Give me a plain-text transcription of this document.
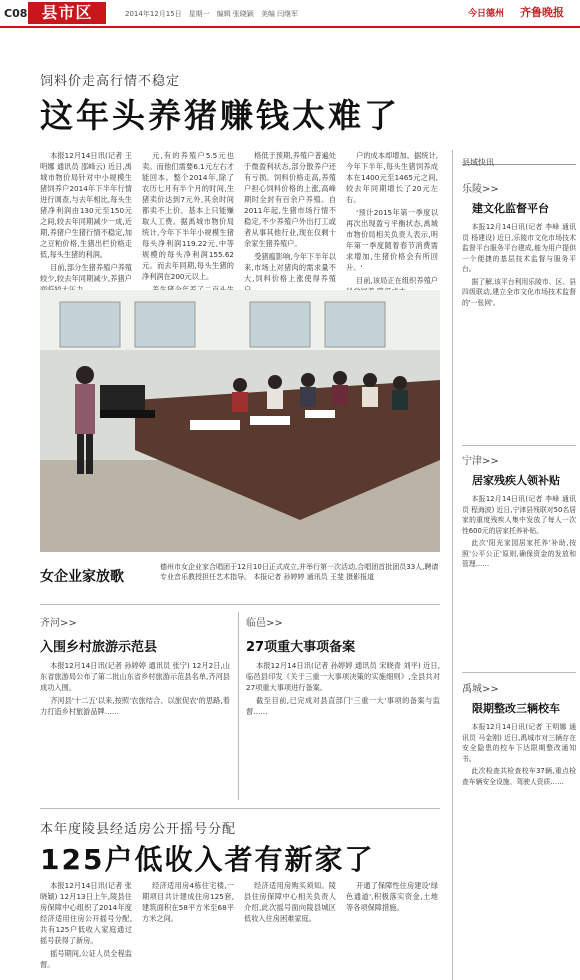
C08 县市区	2014年12月15日　星期一　编辑 张晓颖　美编 闫继军	今日德州 齐鲁晚报
饲料价走高行情不稳定
这年头养猪赚钱太难了

本报12月14日讯(记者 王明娜 通讯员 邵峰云) 近日,禹城市物价局针对中小规模生猪饲养户2014年下半年行情进行调查,与去年相比,每头生猪净利润由130元至150元之间,较去年同期减少一成,近期,养猪户生猪行情不稳定,加之豆粕价格,生猪出栏价格走低,每头生猪的利润。

目前,部分生猪养殖户养殖较少,较去年同期减少,养猪户

元,有的养殖户5.5元也卖。而他们需要6.1元左右才能回本。整个2014年,除了农历七月有半个月的时间,生猪卖价达到7元外,其余时间都卖不上价。基本上只能赚取人工费。据禹城市物价局统计,今年下半年小规模生猪每头净利润119.22元,中等规模的每头净利润155.62元。而去年同期,每头生猪的净利润在200元以上。

格低于预期,养殖户普遍处于微盈利状态,部分散养户还有亏损。饲料价格走高,养殖户担心饲料价格的上涨,高峰期时全封有百余户养殖。自2011年起,生猪市场行情不稳定,不少养殖户外出打工或者从事其他行业,现在仅剩十余家生猪养殖户。

受猪瘟影响,今年下半年以来,市场上对猪肉的需求量不大,饲料价格上涨使得养殖

户的成本却增加。据统计,今年下半年,每头生猪饲养成本在1400元至1465元之间,较去年同期增长了20元左右。

'预计2015年第一季度以再次出现盈亏平衡状态,禹城市物价局相关负责人表示,明年第一季度随着春节消费需求增加,生猪价格会有所回升。'

目前,该局正在组织养殖户

女企业家放歌
德州市女企业家合唱团于12月10日正式成立,并举行第一次活动,合唱团首批团员33人,聘请专业音乐教授担任艺术指导。 本报记者 孙婷婷 通讯员 王斐 摄影报道
县域快讯
乐陵>>
建文化监督平台

本报12月14日讯(记者 李峰 通讯员 杨建设) 近日,乐陵市文化市场技术监督平台服务平台建成,能为用户提供一个便捷的基层技术监督与服务平台。

据了解,该平台利用乐陵市、区、县四级联动,建立全市文化市场技术监督的'一张网'。

宁津>>
居家残疾人领补贴

本报12月14日讯(记者 李峰 通讯员 程海波) 近日,宁津县残联对50名居家的重度残疾人集中发放了每人一次性600元的居家托养补贴。

此次'阳光家园居家托养'补助,按照'公平公正'原则,确保资金的发放和管理……

禹城>>
限期整改三辆校车

本报12月14日讯(记者 王明娜 通讯员 马金刚) 近日,禹城市对三辆存在安全隐患的校车下达限期整改通知书。

此次检查共检查校车37辆,重点检查车辆安全设施、驾驶人资质……

齐河>>
入围乡村旅游示范县

本报12月14日讯(记者 孙婷婷 通讯员 张宁) 12月2日,山东省旅游局公布了第二批山东省乡村旅游示范县名单,齐河县成功入围。

齐河县'十二五'以来,按照'农旅结合、以旅促农'的思路,着力打造乡村旅游品牌……

临邑>>
27项重大事项备案

本报12月14日讯(记者 孙婷婷 通讯员 宋晓青 刘平) 近日,临邑县印发《关于三重一大事项决策的实施细则》,全县共对27项重大事项进行备案。

截至目前,已完成对县直部门'三重一大'事项的备案与监督……

本年度陵县经适房公开摇号分配
125户低收入者有新家了

本报12月14日讯(记者 张晓颖) 12月13日上午,陵县住房保障中心组织了2014年度经济适用住房公开摇号分配,共有125户低收入家庭通过摇号获得了新房。

摇号期间,公证人员全程监督。

经济适用房4栋住宅楼,一期项目共计建成住房125套,建筑面积在58平方米至68平方米之间。

经济适用房购买须知。陵县住房保障中心相关负责人介绍,此次摇号面向陵县城区低收入住房困难家庭。

开通了保障性住房建设'绿色通道',积极落实资金,土地等各项保障措施。
